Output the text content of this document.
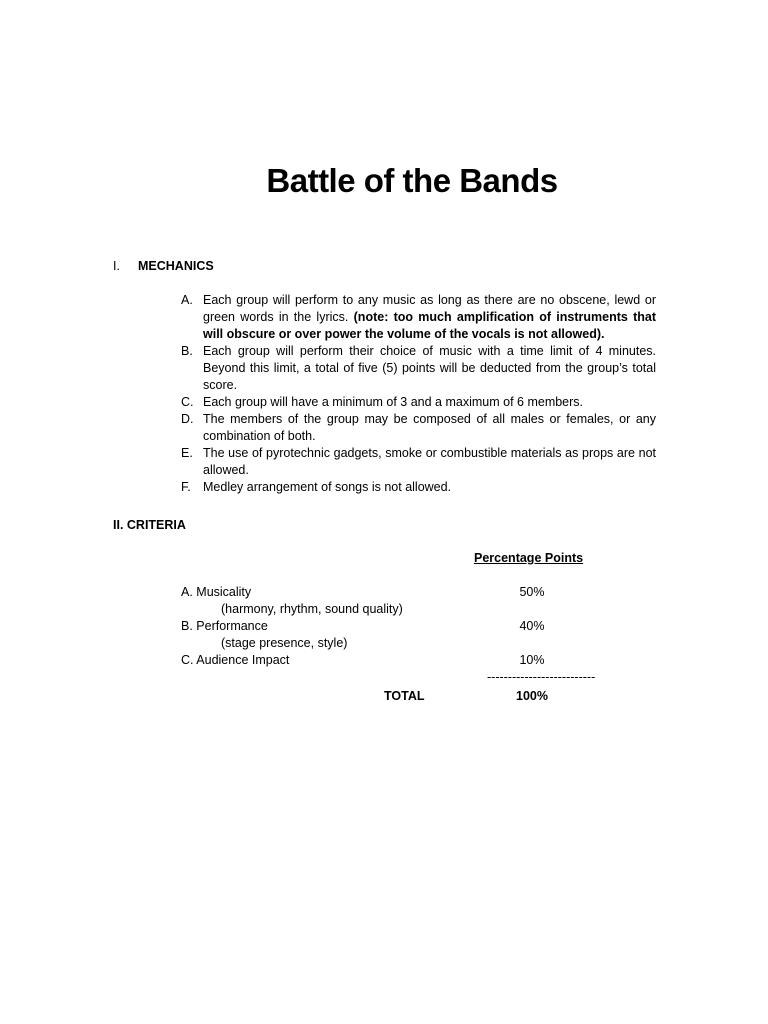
Battle of the Bands
I. MECHANICS
A. Each group will perform to any music as long as there are no obscene, lewd or green words in the lyrics. (note: too much amplification of instruments that will obscure or over power the volume of the vocals is not allowed).
B. Each group will perform their choice of music with a time limit of 4 minutes. Beyond this limit, a total of five (5) points will be deducted from the group’s total score.
C. Each group will have a minimum of 3 and a maximum of 6 members.
D. The members of the group may be composed of all males or females, or any combination of both.
E. The use of pyrotechnic gadgets, smoke or combustible materials as props are not allowed.
F. Medley arrangement of songs is not allowed.
II. CRITERIA
Percentage Points
A. Musicality	50%
(harmony, rhythm, sound quality)
B. Performance	40%
(stage presence, style)
C. Audience Impact	10%
--------------------------
TOTAL	100%
